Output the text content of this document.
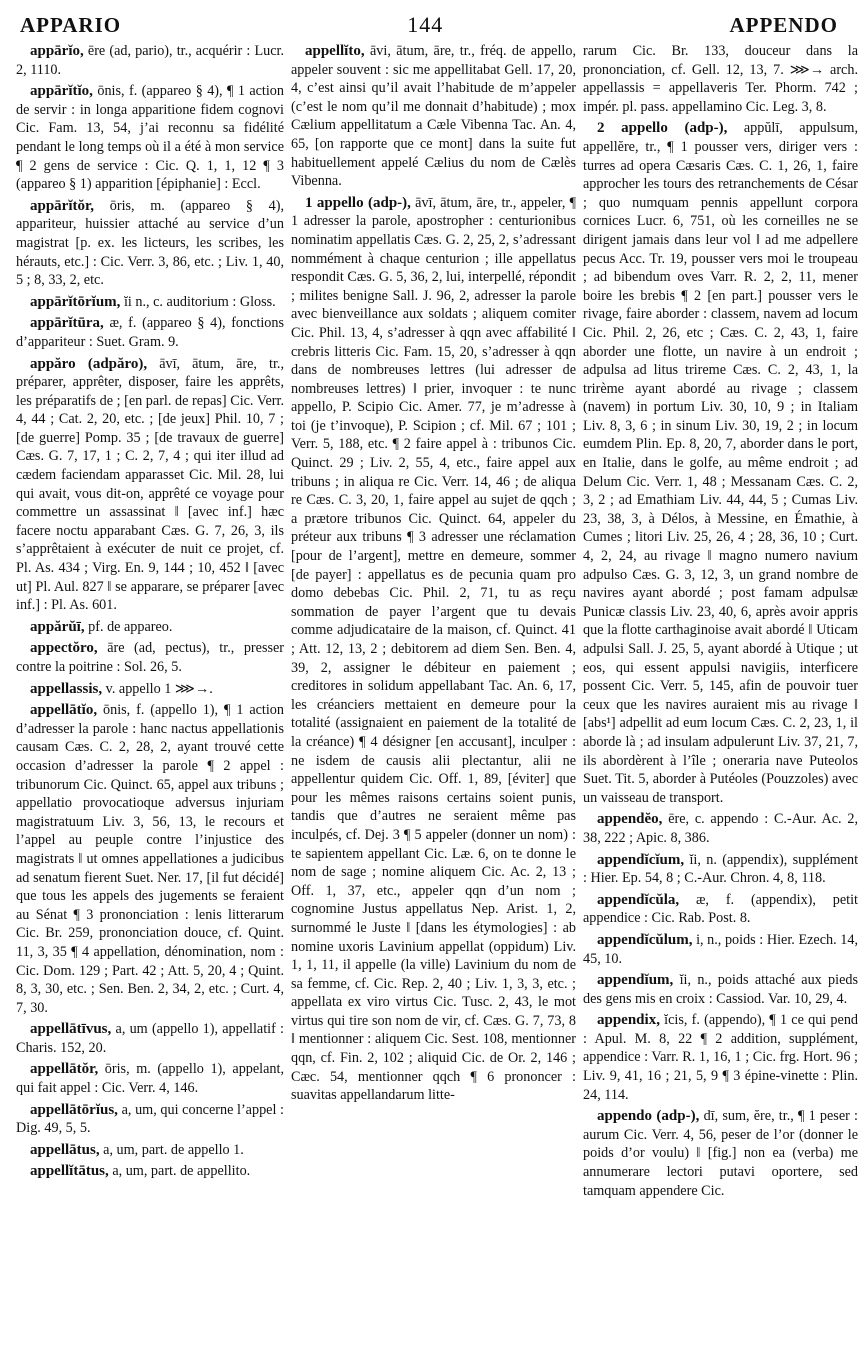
APPARIO	144	APPENDO

appārĭo, ēre (ad, pario), tr., acquérir : Lucr. 2, 1110.

appārĭtĭo, ōnis, f. (appareo § 4), ¶ 1 action de servir : in longa apparitione fidem cognovi Cic. Fam. 13, 54, j’ai reconnu sa fidélité pendant le long temps où il a été à mon service ¶ 2 gens de service : Cic. Q. 1, 1, 12 ¶ 3 (appareo § 1) apparition [épiphanie] : Eccl.

appārĭtŏr, ōris, m. (appareo § 4), appariteur, huissier attaché au service d’un magistrat [p. ex. les licteurs, les scribes, les hérauts, etc.] : Cic. Verr. 3, 86, etc. ; Liv. 1, 40, 5 ; 8, 33, 2, etc.

appārĭtōrĭum, ĭi n., c. auditorium : Gloss.

appārĭtūra, æ, f. (appareo § 4), fonctions d’appariteur : Suet. Gram. 9.

appăro (adpăro), āvī, ātum, āre, tr., préparer, apprêter, disposer, faire les apprêts, les préparatifs de ; [en parl. de repas] Cic. Verr. 4, 44 ; Cat. 2, 20, etc. ; [de jeux] Phil. 10, 7 ; [de guerre] Pomp. 35 ; [de travaux de guerre] Cæs. G. 7, 17, 1 ; C. 2, 7, 4 ; qui iter illud ad cædem faciendam apparasset Cic. Mil. 28, lui qui avait, vous dit-on, apprêté ce voyage pour commettre un assassinat ‖ [avec inf.] hæc facere noctu apparabant Cæs. G. 7, 26, 3, ils s’apprêtaient à exécuter de nuit ce projet, cf. Pl. As. 434 ; Virg. En. 9, 144 ; 10, 452 ‖ [avec ut] Pl. Aul. 827 ‖ se apparare, se préparer [avec inf.] : Pl. As. 601.

appărŭī, pf. de appareo.

appectŏro, āre (ad, pectus), tr., presser contre la poitrine : Sol. 26, 5.

appellassis, v. appello 1 ⋙→.

appellātĭo, ōnis, f. (appello 1), ¶ 1 action d’adresser la parole : hanc nactus appellationis causam Cæs. C. 2, 28, 2, ayant trouvé cette occasion d’adresser la parole ¶ 2 appel : tribunorum Cic. Quinct. 65, appel aux tribuns ; appellatio provocatioque adversus injuriam magistratuum Liv. 3, 56, 13, le recours et l’appel au peuple contre l’injustice des magistrats ‖ ut omnes appellationes a judicibus ad senatum fierent Suet. Ner. 17, [il fut décidé] que tous les appels des jugements se feraient au Sénat ¶ 3 prononciation : lenis litterarum Cic. Br. 259, prononciation douce, cf. Quint. 11, 3, 35 ¶ 4 appellation, dénomination, nom : Cic. Dom. 129 ; Part. 42 ; Att. 5, 20, 4 ; Quint. 8, 3, 30, etc. ; Sen. Ben. 2, 34, 2, etc. ; Curt. 4, 7, 30.

appellātīvus, a, um (appello 1), appellatif : Charis. 152, 20.

appellātŏr, ōris, m. (appello 1), appelant, qui fait appel : Cic. Verr. 4, 146.

appellātōrĭus, a, um, qui concerne l’appel : Dig. 49, 5, 5.

appellātus, a, um, part. de appello 1.

appellĭtātus, a, um, part. de appellito.

appellĭto, āvi, ātum, āre, tr., fréq. de appello, appeler souvent : sic me appellitabat Gell. 17, 20, 4, c’est ainsi qu’il avait l’habitude de m’appeler (c’est le nom qu’il me donnait d’habitude) ; mox Cælium appellitatum a Cæle Vibenna Tac. An. 4, 65, [on rapporte que ce mont] dans la suite fut habituellement appelé Cælius du nom de Cælès Vibenna.

1 appello (adp-), āvī, ātum, āre, tr., appeler, ¶ 1 adresser la parole, apostropher : centurionibus nominatim appellatis Cæs. G. 2, 25, 2, s’adressant nommément à chaque centurion ; ille appellatus respondit Cæs. G. 5, 36, 2, lui, interpellé, répondit ; milites benigne Sall. J. 96, 2, adresser la parole avec bienveillance aux soldats ; aliquem comiter Cic. Phil. 13, 4, s’adresser à qqn avec affabilité ‖ crebris litteris Cic. Fam. 15, 20, s’adresser à qqn dans de nombreuses lettres (lui adresser de nombreuses lettres) ‖ prier, invoquer : te nunc appello, P. Scipio Cic. Amer. 77, je m’adresse à toi (je t’invoque), P. Scipion ; cf. Mil. 67 ; 101 ; Verr. 5, 188, etc. ¶ 2 faire appel à : tribunos Cic. Quinct. 29 ; Liv. 2, 55, 4, etc., faire appel aux tribuns ; in aliqua re Cic. Verr. 14, 46 ; de aliqua re Cæs. C. 3, 20, 1, faire appel au sujet de qqch ; a prætore tribunos Cic. Quinct. 64, appeler du préteur aux tribuns ¶ 3 adresser une réclamation [pour de l’argent], mettre en demeure, sommer [de payer] : appellatus es de pecunia quam pro domo debebas Cic. Phil. 2, 71, tu as reçu sommation de payer l’argent que tu devais comme adjudicataire de la maison, cf. Quinct. 41 ; Att. 12, 13, 2 ; debitorem ad diem Sen. Ben. 4, 39, 2, assigner le débiteur en paiement ; creditores in solidum appellabant Tac. An. 6, 17, les créanciers mettaient en demeure pour la totalité (assignaient en paiement de la totalité de la créance) ¶ 4 désigner [en accusant], inculper : ne isdem de causis alii plectantur, alii ne appellentur quidem Cic. Off. 1, 89, [éviter] que pour les mêmes raisons certains soient punis, tandis que d’autres ne seraient même pas inculpés, cf. Dej. 3 ¶ 5 appeler (donner un nom) : te sapientem appellant Cic. Læ. 6, on te donne le nom de sage ; nomine aliquem Cic. Ac. 2, 13 ; Off. 1, 37, etc., appeler qqn d’un nom ; cognomine Justus appellatus Nep. Arist. 1, 2, surnommé le Juste ‖ [dans les étymologies] : ab nomine uxoris Lavinium appellat (oppidum) Liv. 1, 1, 11, il appelle (la ville) Lavinium du nom de sa femme, cf. Cic. Rep. 2, 40 ; Liv. 1, 3, 3, etc. ; appellata ex viro virtus Cic. Tusc. 2, 43, le mot virtus qui tire son nom de vir, cf. Cæs. G. 7, 73, 8 ‖ mentionner : aliquem Cic. Sest. 108, mentionner qqn, cf. Fin. 2, 102 ; aliquid Cic. de Or. 2, 146 ; Cæc. 54, mentionner qqch ¶ 6 prononcer : suavitas appellandarum litte-

rarum Cic. Br. 133, douceur dans la prononciation, cf. Gell. 12, 13, 7. ⋙→ arch. appellassis = appellaveris Ter. Phorm. 742 ; impér. pl. pass. appellamino Cic. Leg. 3, 8.

2 appello (adp-), appŭlī, appulsum, appellĕre, tr., ¶ 1 pousser vers, diriger vers : turres ad opera Cæsaris Cæs. C. 1, 26, 1, faire approcher les tours des retranchements de César ; quo numquam pennis appellunt corpora cornices Lucr. 6, 751, où les corneilles ne se dirigent jamais dans leur vol ‖ ad me adpellere pecus Acc. Tr. 19, pousser vers moi le troupeau ; ad bibendum oves Varr. R. 2, 2, 11, mener boire les brebis ¶ 2 [en part.] pousser vers le rivage, faire aborder : classem, navem ad locum Cic. Phil. 2, 26, etc ; Cæs. C. 2, 43, 1, faire aborder une flotte, un navire à un endroit ; adpulsa ad litus trireme Cæs. C. 2, 43, 1, la trirème ayant abordé au rivage ; classem (navem) in portum Liv. 30, 10, 9 ; in Italiam Liv. 8, 3, 6 ; in sinum Liv. 30, 19, 2 ; in locum eumdem Plin. Ep. 8, 20, 7, aborder dans le port, en Italie, dans le golfe, au même endroit ; ad Delum Cic. Verr. 1, 48 ; Messanam Cæs. C. 2, 3, 2 ; ad Emathiam Liv. 44, 44, 5 ; Cumas Liv. 23, 38, 3, à Délos, à Messine, en Émathie, à Cumes ; litori Liv. 25, 26, 4 ; 28, 36, 10 ; Curt. 4, 2, 24, au rivage ‖ magno numero navium adpulso Cæs. G. 3, 12, 3, un grand nombre de navires ayant abordé ; post famam adpulsæ Punicæ classis Liv. 23, 40, 6, après avoir appris que la flotte carthaginoise avait abordé ‖ Uticam adpulsi Sall. J. 25, 5, ayant abordé à Utique ; ut eos, qui essent appulsi navigiis, interficere possent Cic. Verr. 5, 145, afin de pouvoir tuer ceux que les navires auraient mis au rivage ‖ [abs¹] adpellit ad eum locum Cæs. C. 2, 23, 1, il aborde là ; ad insulam adpulerunt Liv. 37, 21, 7, ils abordèrent à l’île ; oneraria nave Puteolos Suet. Tit. 5, aborder à Putéoles (Pouzzoles) avec un vaisseau de transport.

appendĕo, ēre, c. appendo : C.-Aur. Ac. 2, 38, 222 ; Apic. 8, 386.

appendĭcĭum, ĭi, n. (appendix), supplément : Hier. Ep. 54, 8 ; C.-Aur. Chron. 4, 8, 118.

appendĭcŭla, æ, f. (appendix), petit appendice : Cic. Rab. Post. 8.

appendĭcŭlum, i, n., poids : Hier. Ezech. 14, 45, 10.

appendĭum, ĭi, n., poids attaché aux pieds des gens mis en croix : Cassiod. Var. 10, 29, 4.

appendix, ĭcis, f. (appendo), ¶ 1 ce qui pend : Apul. M. 8, 22 ¶ 2 addition, supplément, appendice : Varr. R. 1, 16, 1 ; Cic. frg. Hort. 96 ; Liv. 9, 41, 16 ; 21, 5, 9 ¶ 3 épine-vinette : Plin. 24, 114.

appendo (adp-), dī, sum, ĕre, tr., ¶ 1 peser : aurum Cic. Verr. 4, 56, peser de l’or (donner le poids d’or voulu) ‖ [fig.] non ea (verba) me annumerare lectori putavi oportere, sed tamquam appendere Cic.
